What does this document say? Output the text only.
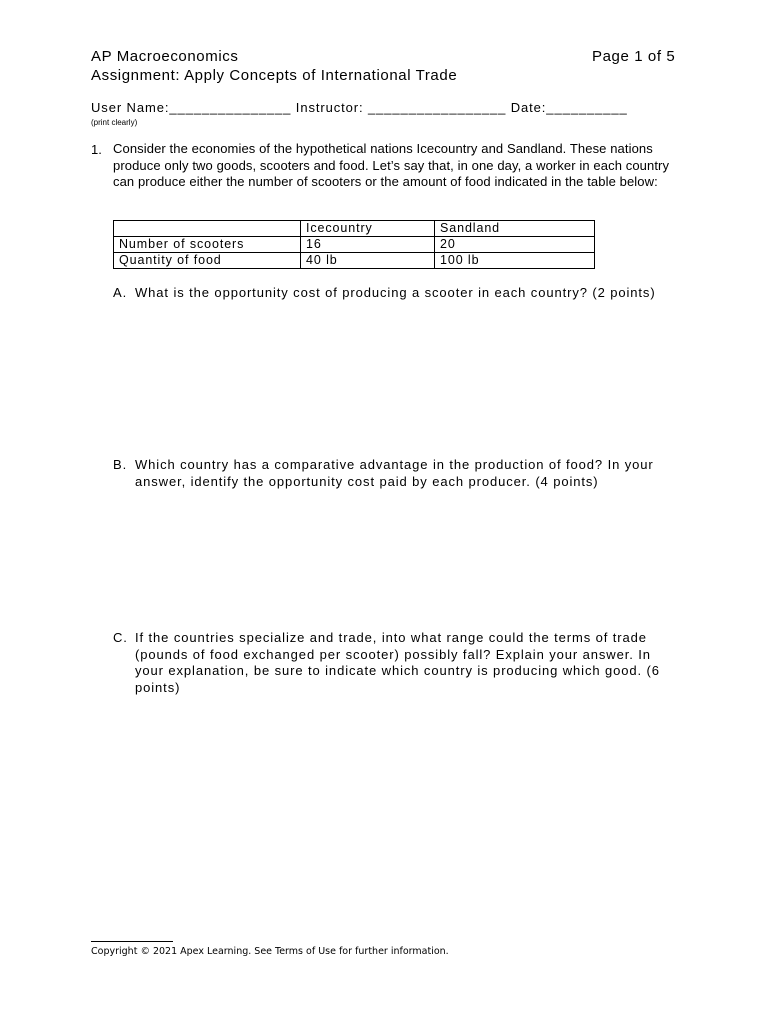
AP Macroeconomics	Page 1 of 5
Assignment: Apply Concepts of International Trade
User Name:_______________ Instructor: _________________ Date:__________
(print clearly)
1. Consider the economies of the hypothetical nations Icecountry and Sandland. These nations produce only two goods, scooters and food. Let’s say that, in one day, a worker in each country can produce either the number of scooters or the amount of food indicated in the table below:
	Icecountry	Sandland
Number of scooters	16	20
Quantity of food	40 lb	100 lb
A. What is the opportunity cost of producing a scooter in each country? (2 points)
B. Which country has a comparative advantage in the production of food? In your answer, identify the opportunity cost paid by each producer. (4 points)
C. If the countries specialize and trade, into what range could the terms of trade (pounds of food exchanged per scooter) possibly fall? Explain your answer. In your explanation, be sure to indicate which country is producing which good. (6 points)
Copyright © 2021 Apex Learning. See Terms of Use for further information.
